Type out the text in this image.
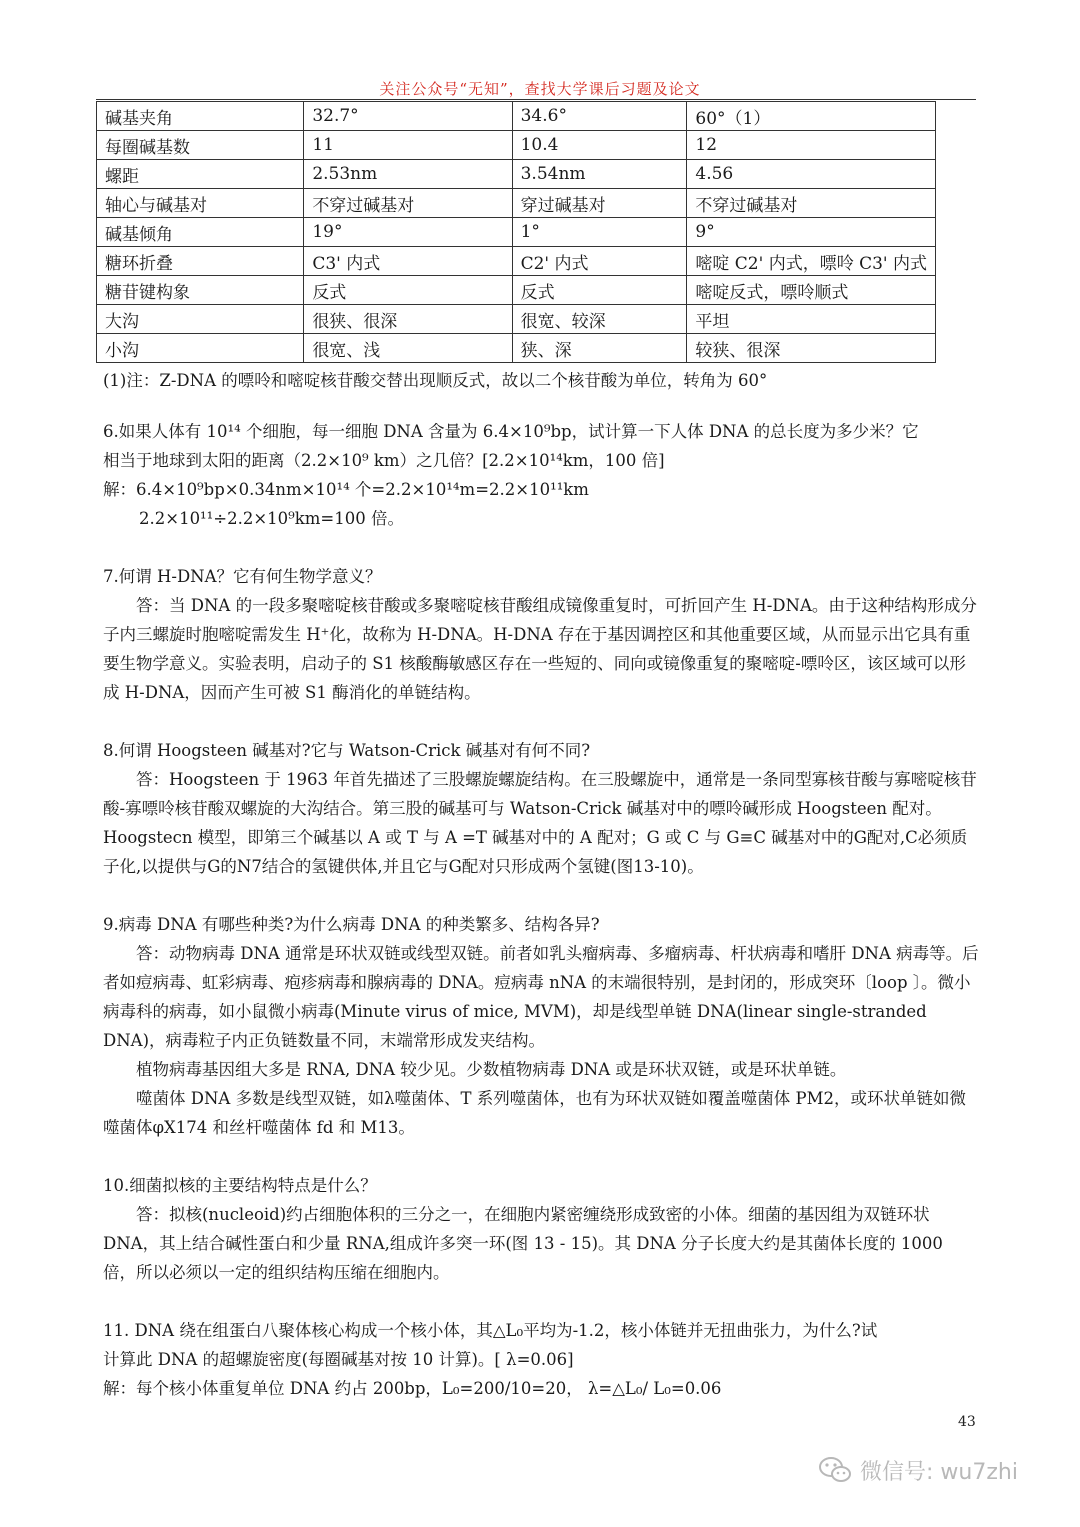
关注公众号“无知”，查找大学课后习题及论文
碱基夹角	32.7°	34.6°	60°（1）
每圈碱基数	11	10.4	12
螺距	2.53nm	3.54nm	4.56
轴心与碱基对	不穿过碱基对	穿过碱基对	不穿过碱基对
碱基倾角	19°	1°	9°
糖环折叠	C3' 内式	C2' 内式	嘧啶 C2' 内式，嘌呤 C3' 内式
糖苷键构象	反式	反式	嘧啶反式，嘌呤顺式
大沟	很狭、很深	很宽、较深	平坦
小沟	很宽、浅	狭、深	较狭、很深

(1)注：Z-DNA 的嘌呤和嘧啶核苷酸交替出现顺反式，故以二个核苷酸为单位，转角为 60°

6.如果人体有 10¹⁴ 个细胞，每一细胞 DNA 含量为 6.4×10⁹bp，试计算一下人体 DNA 的总长度为多少米？它

相当于地球到太阳的距离（2.2×10⁹ km）之几倍？[2.2×10¹⁴km，100 倍]

解：6.4×10⁹bp×0.34nm×10¹⁴ 个=2.2×10¹⁴m=2.2×10¹¹km

2.2×10¹¹÷2.2×10⁹km=100 倍。

7.何谓 H-DNA？它有何生物学意义？

答：当 DNA 的一段多聚嘧啶核苷酸或多聚嘧啶核苷酸组成镜像重复时，可折回产生 H-DNA。由于这种结构形成分子内三螺旋时胞嘧啶需发生 H⁺化，故称为 H-DNA。H-DNA 存在于基因调控区和其他重要区域，从而显示出它具有重要生物学意义。实验表明，启动子的 S1 核酸酶敏感区存在一些短的、同向或镜像重复的聚嘧啶-嘌呤区，该区域可以形成 H-DNA，因而产生可被 S1 酶消化的单链结构。

8.何谓 Hoogsteen 碱基对?它与 Watson-Crick 碱基对有何不同?

答：Hoogsteen 于 1963 年首先描述了三股螺旋螺旋结构。在三股螺旋中，通常是一条同型寡核苷酸与寡嘧啶核苷酸-寡嘌呤核苷酸双螺旋的大沟结合。第三股的碱基可与 Watson-Crick 碱基对中的嘌呤碱形成 Hoogsteen 配对。Hoogstecn 模型，即第三个碱基以 A 或 T 与 A =T 碱基对中的 A 配对；G 或 C 与 G≡C 碱基对中的G配对,C必须质子化,以提供与G的N7结合的氢键供体,并且它与G配对只形成两个氢键(图13-10)。

9.病毒 DNA 有哪些种类?为什么病毒 DNA 的种类繁多、结构各异?

答：动物病毒 DNA 通常是环状双链或线型双链。前者如乳头瘤病毒、多瘤病毒、杆状病毒和嗜肝 DNA 病毒等。后者如痘病毒、虹彩病毒、疱疹病毒和腺病毒的 DNA。痘病毒 nNA 的末端很特别，是封闭的，形成突环〔loop 〕。微小病毒科的病毒，如小鼠微小病毒(Minute virus of mice, MVM)，却是线型单链 DNA(linear single-stranded DNA)，病毒粒子内正负链数量不同，末端常形成发夹结构。

植物病毒基因组大多是 RNA, DNA 较少见。少数植物病毒 DNA 或是环状双链，或是环状单链。

噬菌体 DNA 多数是线型双链，如λ噬菌体、T 系列噬菌体，也有为环状双链如覆盖噬菌体 PM2，或环状单链如微噬菌体φX174 和丝杆噬菌体 fd 和 M13。

10.细菌拟核的主要结构特点是什么？

答：拟核(nucleoid)约占细胞体积的三分之一，在细胞内紧密缠绕形成致密的小体。细菌的基因组为双链环状 DNA，其上结合碱性蛋白和少量 RNA,组成许多突一环(图 13 - 15)。其 DNA 分子长度大约是其菌体长度的 1000 倍，所以必须以一定的组织结构压缩在细胞内。

11. DNA 绕在组蛋白八聚体核心构成一个核小体，其△L₀平均为-1.2，核小体链并无扭曲张力，为什么?试

计算此 DNA 的超螺旋密度(每圈碱基对按 10 计算)。[ λ=0.06]

解：每个核小体重复单位 DNA 约占 200bp，L₀=200/10=20， λ=△L₀/ L₀=0.06

43
微信号: wu7zhi
